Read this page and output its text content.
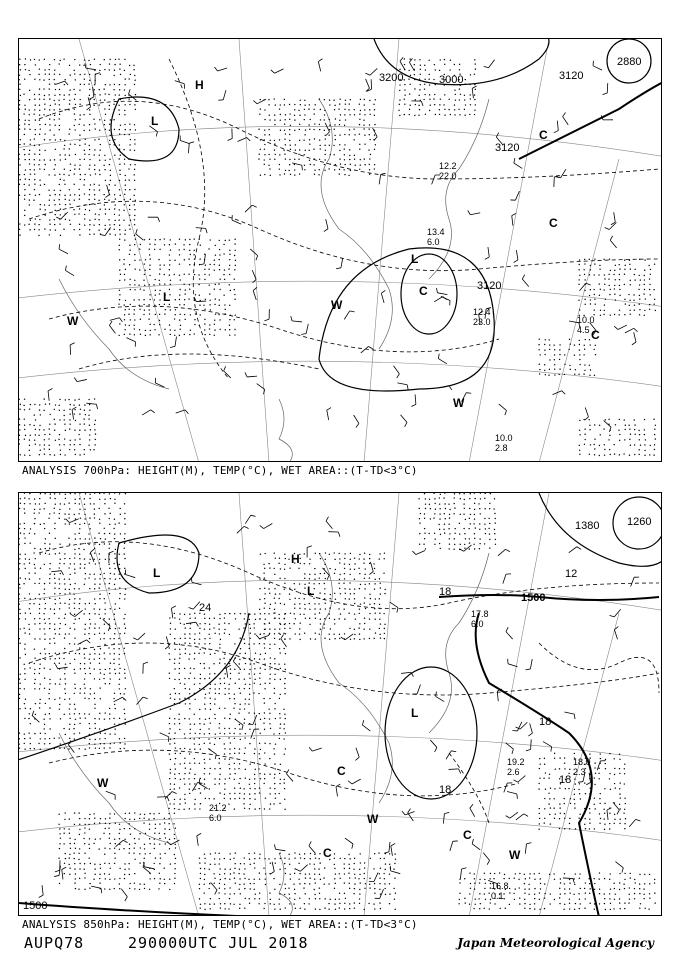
3120
3120
3120
2880
3000
3200
H
L
L
L
W
W
W
C
C
C
C
12.4
23.0	10.0
4.5
10.0
2.8
13.4
6.0
12.2
22.0
ANALYSIS 700hPa: HEIGHT(M), TEMP(°C), WET AREA::(T-TD<3°C)
1500
1380	1260
1500
24
18
18
18
18
12
H
L
L
L
W
W
W
C
C
C
21.2
6.0
19.2
2.6
18.0
2.3
16.8
0.1
17.8
6.0
ANALYSIS 850hPa: HEIGHT(M), TEMP(°C), WET AREA::(T-TD<3°C)
AUPQ78	290000UTC JUL 2018	Japan Meteorological Agency
